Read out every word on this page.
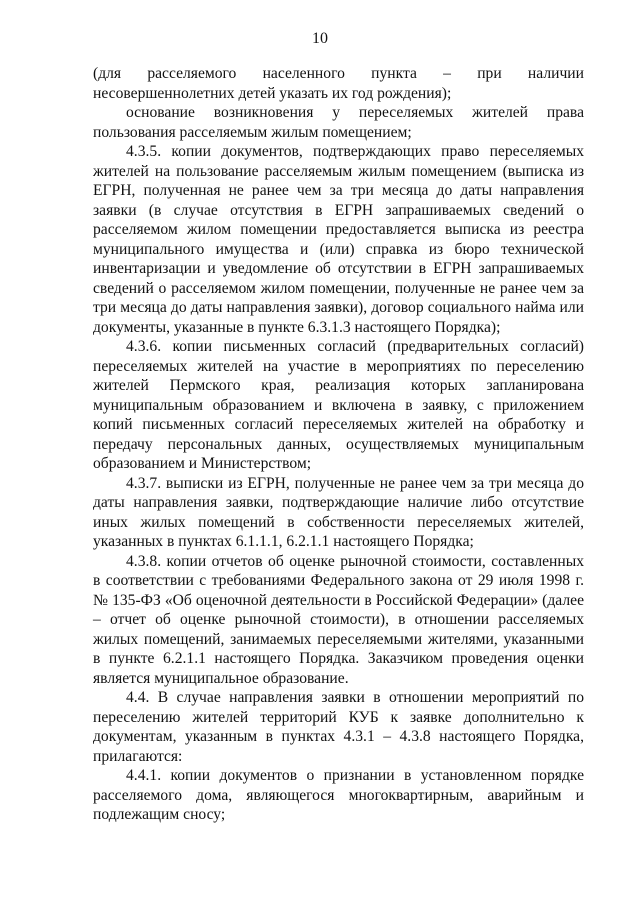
10

(для расселяемого населенного пункта – при наличии несовершеннолетних детей указать их год рождения);

основание возникновения у переселяемых жителей права пользования расселяемым жилым помещением;

4.3.5. копии документов, подтверждающих право переселяемых жителей на пользование расселяемым жилым помещением (выписка из ЕГРН, полученная не ранее чем за три месяца до даты направления заявки (в случае отсутствия в ЕГРН запрашиваемых сведений о расселяемом жилом помещении предоставляется выписка из реестра муниципального имущества и (или) справка из бюро технической инвентаризации и уведомление об отсутствии в ЕГРН запрашиваемых сведений о расселяемом жилом помещении, полученные не ранее чем за три месяца до даты направления заявки), договор социального найма или документы, указанные в пункте 6.3.1.3 настоящего Порядка);

4.3.6. копии письменных согласий (предварительных согласий) переселяемых жителей на участие в мероприятиях по переселению жителей Пермского края, реализация которых запланирована муниципальным образованием и включена в заявку, с приложением копий письменных согласий переселяемых жителей на обработку и передачу персональных данных, осуществляемых муниципальным образованием и Министерством;

4.3.7. выписки из ЕГРН, полученные не ранее чем за три месяца до даты направления заявки, подтверждающие наличие либо отсутствие иных жилых помещений в собственности переселяемых жителей, указанных в пунктах 6.1.1.1, 6.2.1.1 настоящего Порядка;

4.3.8. копии отчетов об оценке рыночной стоимости, составленных в соответствии с требованиями Федерального закона от 29 июля 1998 г. № 135-ФЗ «Об оценочной деятельности в Российской Федерации» (далее – отчет об оценке рыночной стоимости), в отношении расселяемых жилых помещений, занимаемых переселяемыми жителями, указанными в пункте 6.2.1.1 настоящего Порядка. Заказчиком проведения оценки является муниципальное образование.

4.4. В случае направления заявки в отношении мероприятий по переселению жителей территорий КУБ к заявке дополнительно к документам, указанным в пунктах 4.3.1 – 4.3.8 настоящего Порядка, прилагаются:

4.4.1. копии документов о признании в установленном порядке расселяемого дома, являющегося многоквартирным, аварийным и подлежащим сносу;
